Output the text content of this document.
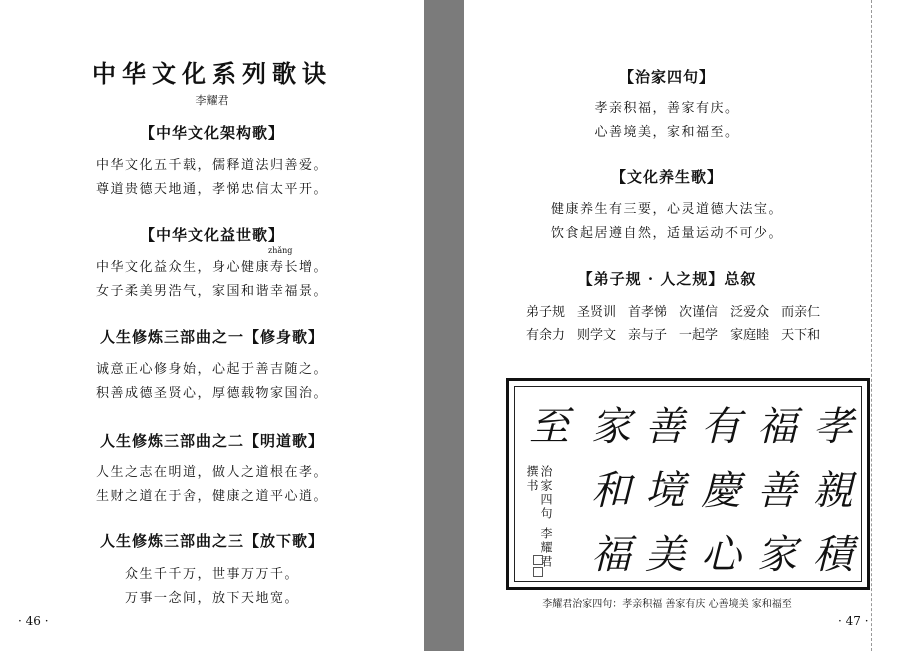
中华文化系列歌诀
李耀君
【中华文化架构歌】
中华文化五千载，儒释道法归善爱。
尊道贵德天地通，孝悌忠信太平开。
【中华文化益世歌】
zhǎng
中华文化益众生，身心健康寿长增。
女子柔美男浩气，家国和谐幸福景。
人生修炼三部曲之一【修身歌】
诚意正心修身始，心起于善吉随之。
积善成德圣贤心，厚德载物家国治。
人生修炼三部曲之二【明道歌】
人生之志在明道，做人之道根在孝。
生财之道在于舍，健康之道平心逍。
人生修炼三部曲之三【放下歌】
众生千千万，世事万万千。
万事一念间，放下天地宽。
· 46 ·
【治家四句】
孝亲积福，善家有庆。
心善境美，家和福至。
【文化养生歌】
健康养生有三要，心灵道德大法宝。
饮食起居遵自然，适量运动不可少。
【弟子规 · 人之规】总叙
弟子规 圣贤训 首孝悌 次谨信 泛爱众 而亲仁
有余力 则学文 亲与子 一起学 家庭睦 天下和
孝
親
積
福
善
家
有
慶
心
善
境
美
家
和
福
至
治家四句 李耀君撰书
李耀君治家四句：孝亲积福 善家有庆 心善境美 家和福至
· 47 ·
